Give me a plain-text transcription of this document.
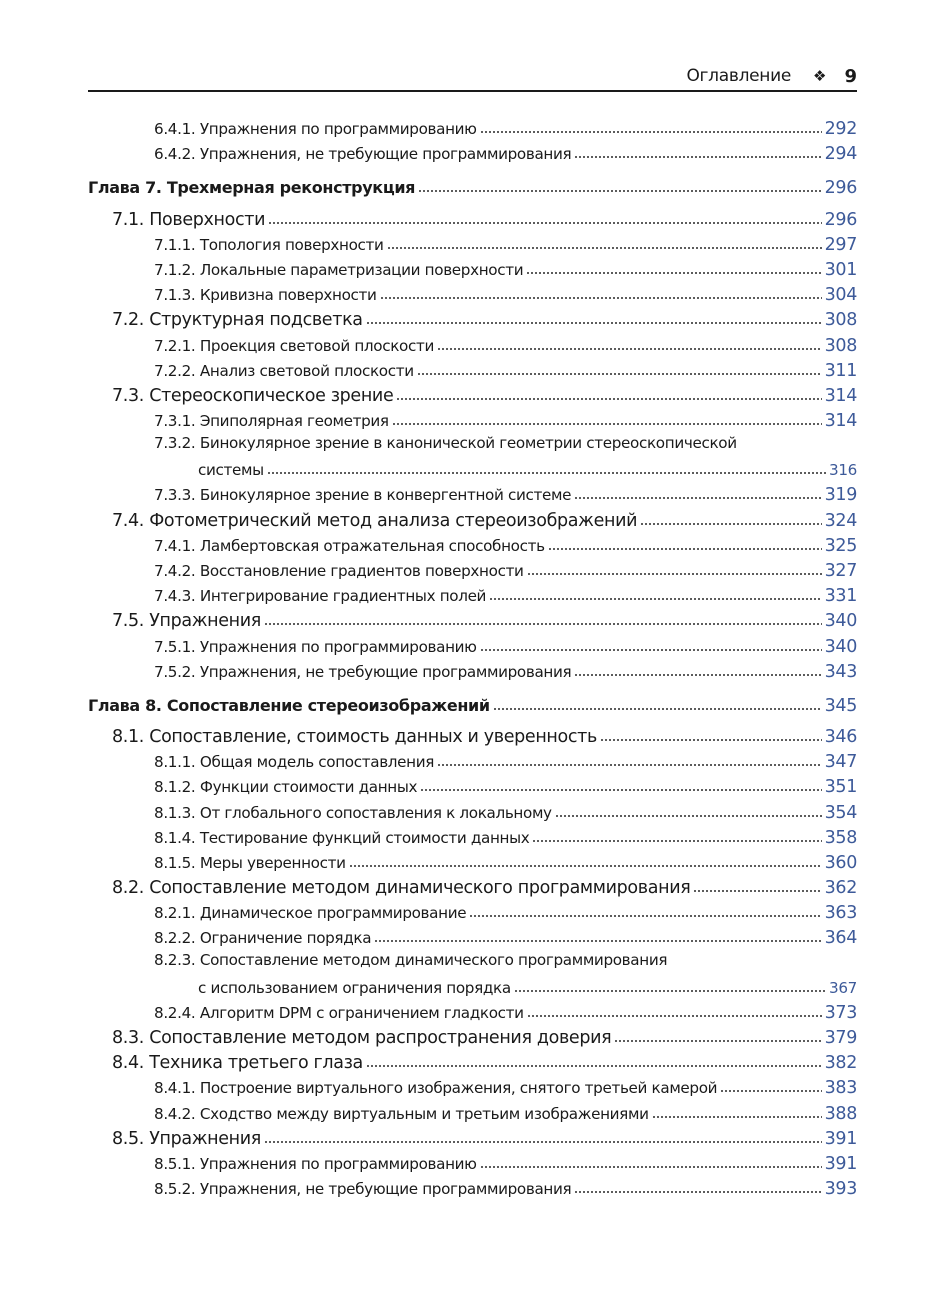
Оглавление ❖ 9
6.4.1. Упражнения по программированию	292
6.4.2. Упражнения, не требующие программирования	294
Глава 7. Трехмерная реконструкция	296
7.1. Поверхности	296
7.1.1. Топология поверхности	297
7.1.2. Локальные параметризации поверхности	301
7.1.3. Кривизна поверхности	304
7.2. Структурная подсветка	308
7.2.1. Проекция световой плоскости	308
7.2.2. Анализ световой плоскости	311
7.3. Стереоскопическое зрение	314
7.3.1. Эпиполярная геометрия	314
7.3.2. Бинокулярное зрение в канонической геометрии стереоскопической
системы	316
7.3.3. Бинокулярное зрение в конвергентной системе	319
7.4. Фотометрический метод анализа стереоизображений	324
7.4.1. Ламбертовская отражательная способность	325
7.4.2. Восстановление градиентов поверхности	327
7.4.3. Интегрирование градиентных полей	331
7.5. Упражнения	340
7.5.1. Упражнения по программированию	340
7.5.2. Упражнения, не требующие программирования	343
Глава 8. Сопоставление стереоизображений	345
8.1. Сопоставление, стоимость данных и уверенность	346
8.1.1. Общая модель сопоставления	347
8.1.2. Функции стоимости данных	351
8.1.3. От глобального сопоставления к локальному	354
8.1.4. Тестирование функций стоимости данных	358
8.1.5. Меры уверенности	360
8.2. Сопоставление методом динамического программирования	362
8.2.1. Динамическое программирование	363
8.2.2. Ограничение порядка	364
8.2.3. Сопоставление методом динамического программирования
с использованием ограничения порядка	367
8.2.4. Алгоритм DPM с ограничением гладкости	373
8.3. Сопоставление методом распространения доверия	379
8.4. Техника третьего глаза	382
8.4.1. Построение виртуального изображения, снятого третьей камерой	383
8.4.2. Сходство между виртуальным и третьим изображениями	388
8.5. Упражнения	391
8.5.1. Упражнения по программированию	391
8.5.2. Упражнения, не требующие программирования	393
